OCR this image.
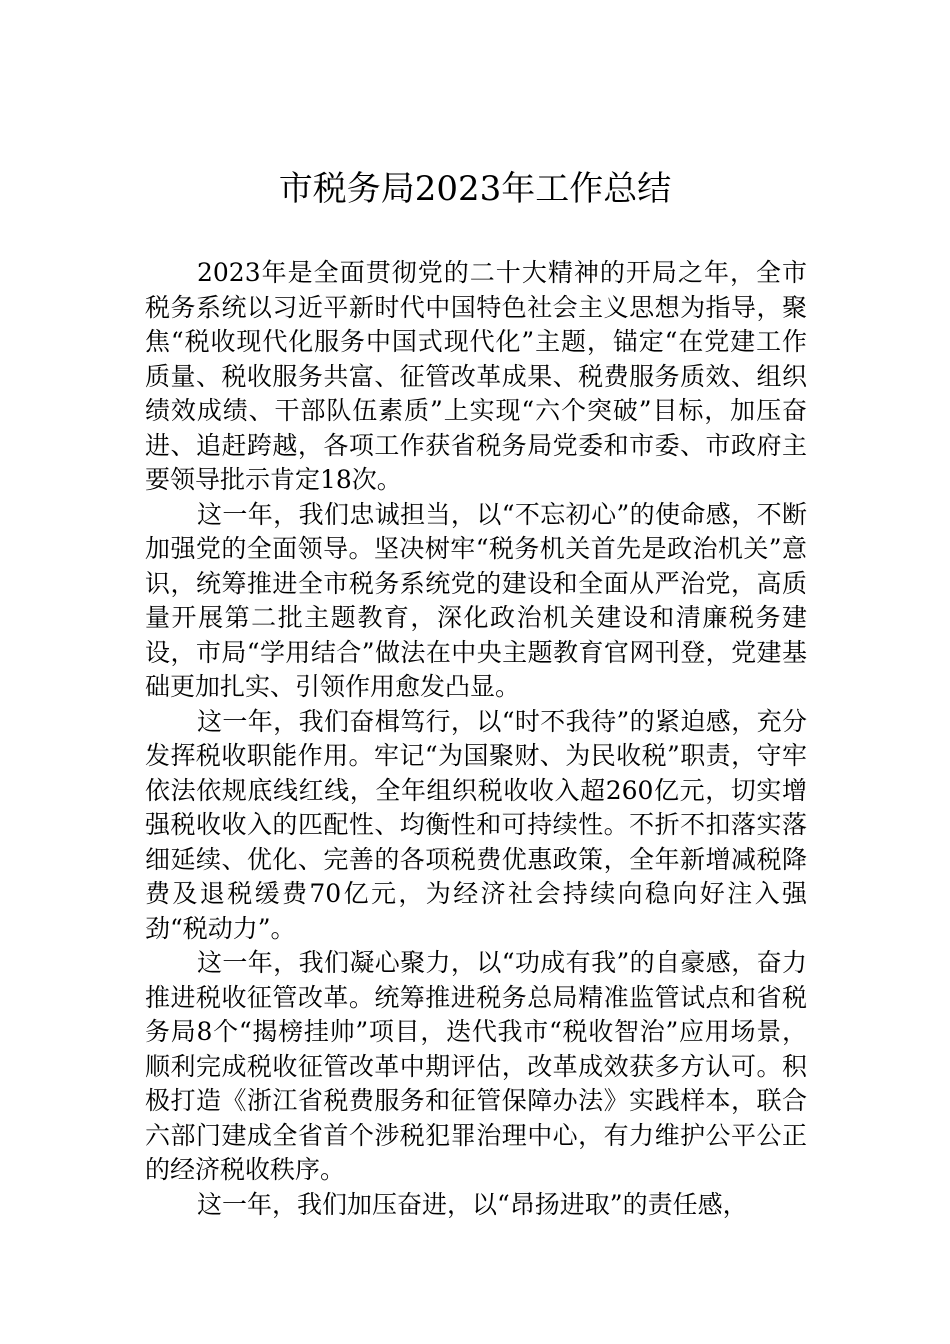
市税务局2023年工作总结

2023年是全面贯彻党的二十大精神的开局之年，全市税务系统以习近平新时代中国特色社会主义思想为指导，聚焦“税收现代化服务中国式现代化”主题，锚定“在党建工作质量、税收服务共富、征管改革成果、税费服务质效、组织绩效成绩、干部队伍素质”上实现“六个突破”目标，加压奋进、追赶跨越，各项工作获省税务局党委和市委、市政府主要领导批示肯定18次。

这一年，我们忠诚担当，以“不忘初心”的使命感，不断加强党的全面领导。坚决树牢“税务机关首先是政治机关”意识，统筹推进全市税务系统党的建设和全面从严治党，高质量开展第二批主题教育，深化政治机关建设和清廉税务建设，市局“学用结合”做法在中央主题教育官网刊登，党建基础更加扎实、引领作用愈发凸显。

这一年，我们奋楫笃行，以“时不我待”的紧迫感，充分发挥税收职能作用。牢记“为国聚财、为民收税”职责，守牢依法依规底线红线，全年组织税收收入超260亿元，切实增强税收收入的匹配性、均衡性和可持续性。不折不扣落实落细延续、优化、完善的各项税费优惠政策，全年新增减税降费及退税缓费70亿元，为经济社会持续向稳向好注入强劲“税动力”。

这一年，我们凝心聚力，以“功成有我”的自豪感，奋力推进税收征管改革。统筹推进税务总局精准监管试点和省税务局8个“揭榜挂帅”项目，迭代我市“税收智治”应用场景，顺利完成税收征管改革中期评估，改革成效获多方认可。积极打造《浙江省税费服务和征管保障办法》实践样本，联合六部门建成全省首个涉税犯罪治理中心，有力维护公平公正的经济税收秩序。

这一年，我们加压奋进，以“昂扬进取”的责任感，
